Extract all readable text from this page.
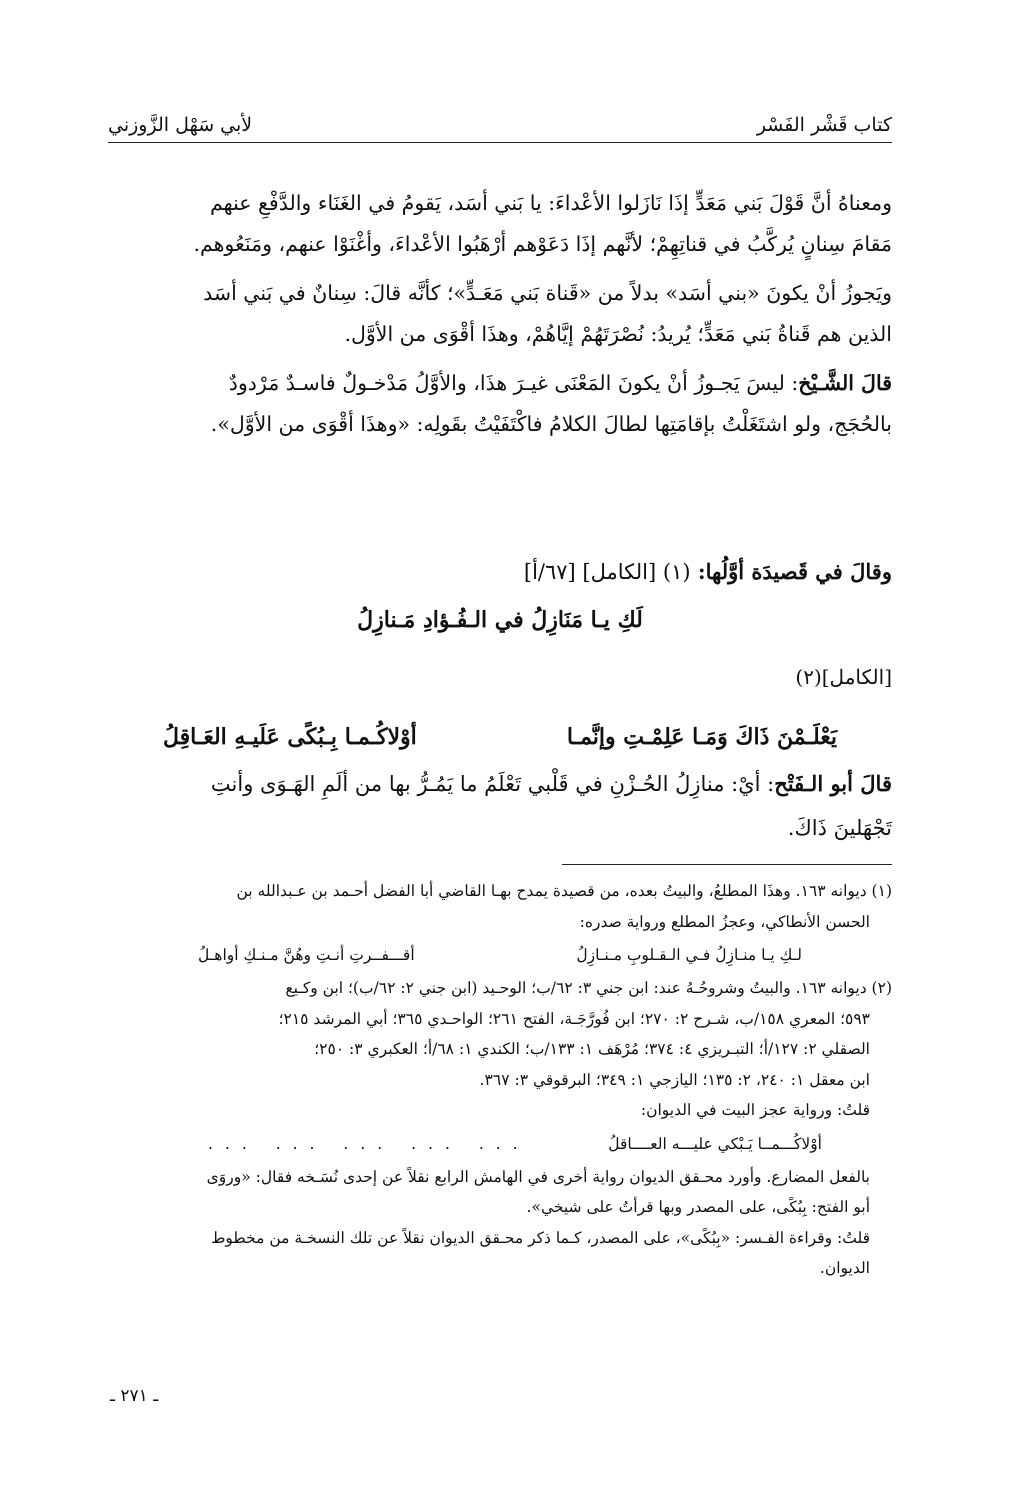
كتاب قَشْر الفَسْر
لأبي سَهْل الزَّوزني

ومعناهُ أنَّ قَوْلَ بَني مَعَدٍّ إذَا نَازَلوا الأعْداءَ: يا بَني أسَد، يَقومُ في الغَنَاء والدَّفْعِ عنهم

مَقامَ سِنانٍ يُركَّبُ في قناتِهِمْ؛ لأنَّهم إذَا دَعَوْهم أرْهَبُوا الأعْداءَ، وأغْنَوْا عنهم، ومَنَعُوهم.

ويَجوزُ أنْ يكونَ «بني أسَد» بدلاً من «قَناة بَني مَعَـدٍّ»؛ كأنَّه قالَ: سِنانٌ في بَني أسَد

الذين هم قَناةُ بَني مَعَدٍّ؛ يُريدُ: نُصْرَتَهُمْ إيَّاهُمْ، وهذَا أقْوَى من الأوَّل.

قالَ الشَّـيْخ: ليسَ يَجـوزُ أنْ يكونَ المَعْنَى غيـرَ هذَا، والأوَّلُ مَدْخـولٌ فاسـدٌ مَرْدودٌ

بالحُجَج، ولو اشتَغَلْتُ بإقامَتِها لطالَ الكلامُ فاكْتَفَيْتُ بقَولِه: «وهذَا أقْوَى من الأوَّل».

وقالَ في قَصيدَة أوَّلُها: (١) [الكامل] [٦٧/أ]
لَكِ يـا مَنَازِلُ في الـفُـؤادِ مَـنازِلُ
[الكامل](٢)
يَعْلَـمْنَ ذَاكَ وَمَـا عَلِمْـتِ وإنَّمـا
أوْلاكُـمـا بِـبُكًى عَلَيـهِ العَـاقِلُ
قالَ أبو الـفَتْح: أيْ: منازِلُ الحُـزْنِ في قَلْبي تَعْلَمُ ما يَمُـرُّ بها من ألَمِ الهَـوَى وأنتِ
تَجْهَلينَ ذَاكَ.
(١) ديوانه ١٦٣. وهذَا المطلعُ، والبيتُ بعده، من قصيدة يمدح بهـا القاضي أبا الفضل أحـمد بن عـبدالله بن
الحسن الأنطاكي، وعجزُ المطلع ورواية صدره:
لـكِ يـا منـازِلُ فـي الـقـلوبِ مـنـازِلُ
أقـــفــرتِ أنـتِ وهُنَّ مـنـكِ أواهـلُ
(٢) ديوانه ١٦٣. والبيتُ وشروحُـهُ عند: ابن جني ٣: ٦٢/ب؛ الوحـيد (ابن جني ٢: ٦٢/ب)؛ ابن وكـيع
٥٩٣؛ المعري ١٥٨/ب، شـرح ٢: ٢٧٠؛ ابن فُورَّجَـة، الفتح ٢٦١؛ الواحـدي ٣٦٥؛ أبي المرشد ٢١٥؛
الصقلي ٢: ١٢٧/أ؛ التبـريزي ٤: ٣٧٤؛ مُرْهَف ١: ١٣٣/ب؛ الكندي ١: ٦٨/أ؛ العكبري ٣: ٢٥٠؛
ابن معقل ١: ٢٤٠، ٢: ١٣٥؛ اليازجي ١: ٣٤٩؛ البرقوقي ٣: ٣٦٧.
قلتُ: ورواية عجز البيت في الديوان:
أوْلاكُـــمــا يَـبْكي عليـــه العــــاقلُ
... ... ... ... ...
بالفعل المضارع. وأورد محـقق الديوان رواية أخرى في الهامش الرابع نقلاً عن إحدى نُسَـخه فقال: «وروَى
أبو الفتح: بِبُكًى، على المصدر وبها قرأتُ على شيخي».
قلتُ: وقراءة الفـسر: «بِبُكًى»، على المصدر، كـما ذكر محـقق الديوان نقلاً عن تلك النسخـة من مخطوط
الديوان.
ـ ٢٧١ ـ
